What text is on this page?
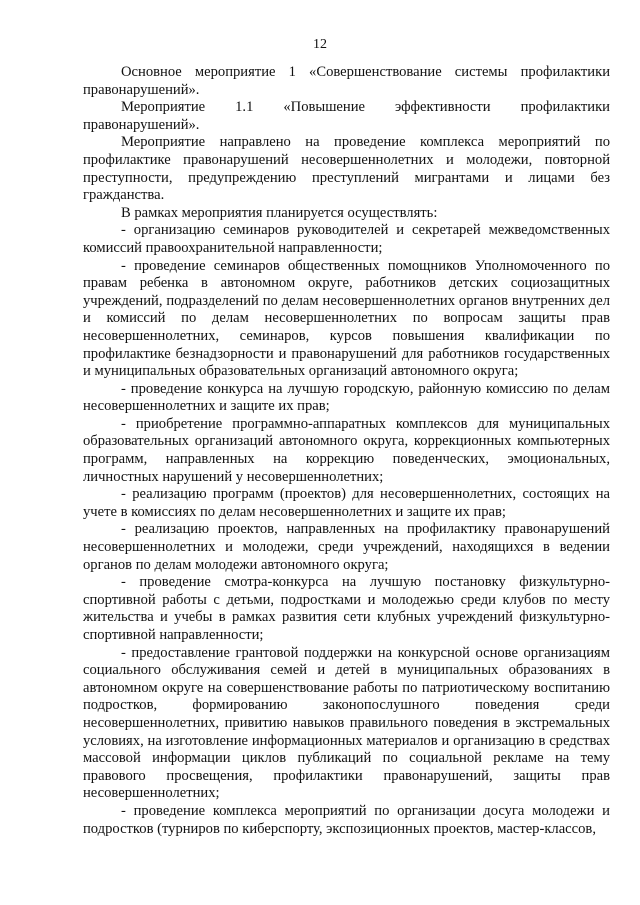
12

Основное мероприятие 1 «Совершенствование системы профилактики правонарушений».

Мероприятие 1.1 «Повышение эффективности профилактики правонарушений».

Мероприятие направлено на проведение комплекса мероприятий по профилактике правонарушений несовершеннолетних и молодежи, повторной преступности, предупреждению преступлений мигрантами и лицами без гражданства.

В рамках мероприятия планируется осуществлять:

- организацию семинаров руководителей и секретарей межведомственных комиссий правоохранительной направленности;

- проведение семинаров общественных помощников Уполномоченного по правам ребенка в автономном округе, работников детских социозащитных учреждений, подразделений по делам несовершеннолетних органов внутренних дел и комиссий по делам несовершеннолетних по вопросам защиты прав несовершеннолетних, семинаров, курсов повышения квалификации по профилактике безнадзорности и правонарушений для работников государственных и муниципальных образовательных организаций автономного округа;

- проведение конкурса на лучшую городскую, районную комиссию по делам несовершеннолетних и защите их прав;

- приобретение программно-аппаратных комплексов для муниципальных образовательных организаций автономного округа, коррекционных компьютерных программ, направленных на коррекцию поведенческих, эмоциональных, личностных нарушений у несовершеннолетних;

- реализацию программ (проектов) для несовершеннолетних, состоящих на учете в комиссиях по делам несовершеннолетних и защите их прав;

- реализацию проектов, направленных на профилактику правонарушений несовершеннолетних и молодежи, среди учреждений, находящихся в ведении органов по делам молодежи автономного округа;

- проведение смотра-конкурса на лучшую постановку физкультурно-спортивной работы с детьми, подростками и молодежью среди клубов по месту жительства и учебы в рамках развития сети клубных учреждений физкультурно-спортивной направленности;

- предоставление грантовой поддержки на конкурсной основе организациям социального обслуживания семей и детей в муниципальных образованиях в автономном округе на совершенствование работы по патриотическому воспитанию подростков, формированию законопослушного поведения среди несовершеннолетних, привитию навыков правильного поведения в экстремальных условиях, на изготовление информационных материалов и организацию в средствах массовой информации циклов публикаций по социальной рекламе на тему правового просвещения, профилактики правонарушений, защиты прав несовершеннолетних;

- проведение комплекса мероприятий по организации досуга молодежи и подростков (турниров по киберспорту, экспозиционных проектов, мастер-классов,
